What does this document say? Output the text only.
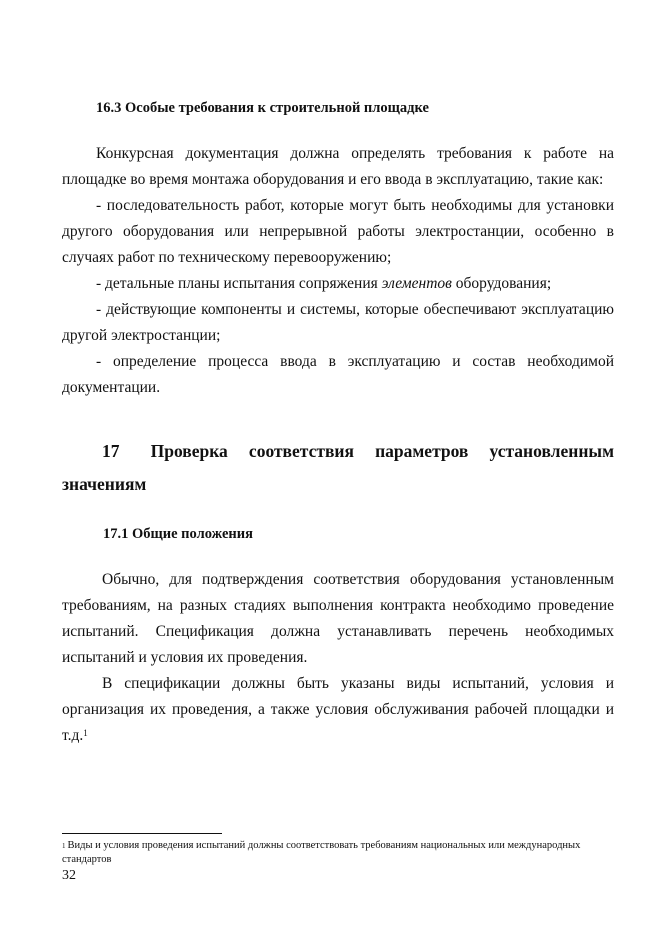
16.3 Особые требования к строительной площадке
Конкурсная документация должна определять требования к работе на
площадке во время монтажа оборудования и его ввода в эксплуатацию, такие как:
- последовательность работ, которые могут быть необходимы для установки
другого оборудования или непрерывной работы электростанции, особенно в
случаях работ по техническому перевооружению;
- детальные планы испытания сопряжения элементов оборудования;
- действующие компоненты и системы, которые обеспечивают эксплуатацию
другой электростанции;
- определение процесса ввода в эксплуатацию и состав необходимой
документации.
17 Проверка соответствия параметров установленным
значениям
17.1 Общие положения
Обычно, для подтверждения соответствия оборудования установленным
требованиям, на разных стадиях выполнения контракта необходимо проведение
испытаний. Спецификация должна устанавливать перечень необходимых
испытаний и условия их проведения.
В спецификации должны быть указаны виды испытаний, условия и
организация их проведения, а также условия обслуживания рабочей площадки и
т.д.$^1$
$^1$ Виды и условия проведения испытаний должны соответствовать требованиям национальных или международных стандартов
32
